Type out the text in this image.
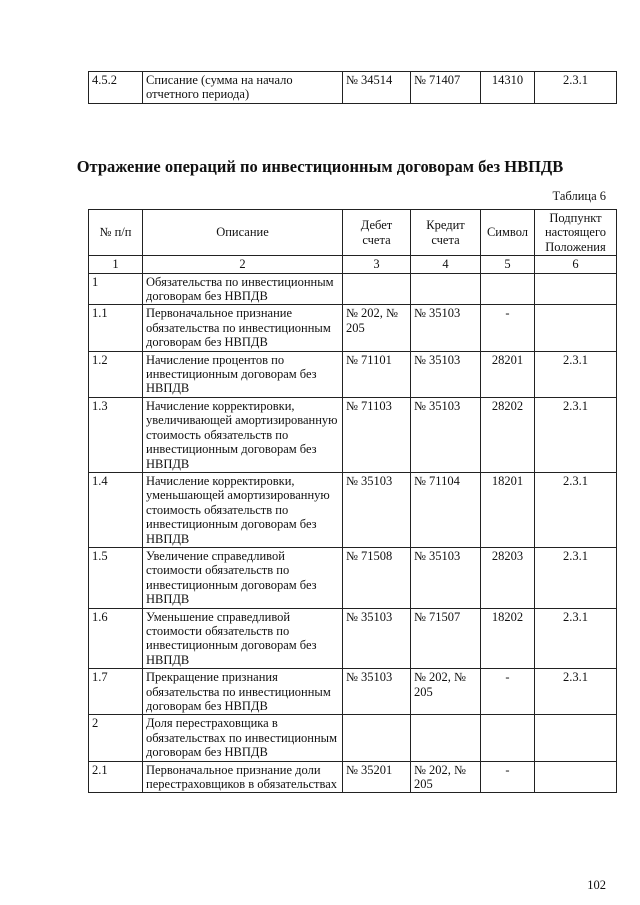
4.5.2	Списание (сумма на начало отчетного периода)	№ 34514	№ 71407	14310	2.3.1
Отражение операций по инвестиционным договорам без НВПДВ
Таблица 6
№ п/п	Описание	Дебет счета	Кредит счета	Символ	Подпункт настоящего Положения
1	2	3	4	5	6
1	Обязательства по инвестиционным договорам без НВПДВ				
1.1	Первоначальное признание обязательства по инвестиционным договорам без НВПДВ	№ 202, № 205	№ 35103	-	
1.2	Начисление процентов по инвестиционным договорам без НВПДВ	№ 71101	№ 35103	28201	2.3.1
1.3	Начисление корректировки, увеличивающей амортизированную стоимость обязательств по инвестиционным договорам без НВПДВ	№ 71103	№ 35103	28202	2.3.1
1.4	Начисление корректировки, уменьшающей амортизированную стоимость обязательств по инвестиционным договорам без НВПДВ	№ 35103	№ 71104	18201	2.3.1
1.5	Увеличение справедливой стоимости обязательств по инвестиционным договорам без НВПДВ	№ 71508	№ 35103	28203	2.3.1
1.6	Уменьшение справедливой стоимости обязательств по инвестиционным договорам без НВПДВ	№ 35103	№ 71507	18202	2.3.1
1.7	Прекращение признания обязательства по инвестиционным договорам без НВПДВ	№ 35103	№ 202, № 205	-	2.3.1
2	Доля перестраховщика в обязательствах по инвестиционным договорам без НВПДВ				
2.1	Первоначальное признание доли перестраховщиков в обязательствах	№ 35201	№ 202, № 205	-	
102
